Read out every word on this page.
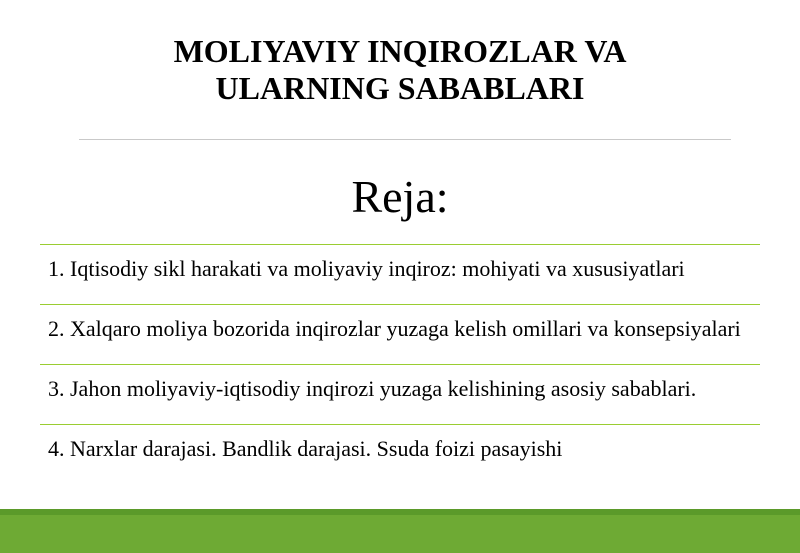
MOLIYAVIY INQIROZLAR VA
ULARNING SABABLARI
Reja:
1. Iqtisodiy sikl harakati va moliyaviy inqiroz: mohiyati va xususiyatlari
2. Xalqaro moliya bozorida inqirozlar yuzaga kelish omillari va konsepsiyalari
3. Jahon moliyaviy-iqtisodiy inqirozi yuzaga kelishining asosiy sabablari.
4. Narxlar darajasi. Bandlik darajasi. Ssuda foizi pasayishi
